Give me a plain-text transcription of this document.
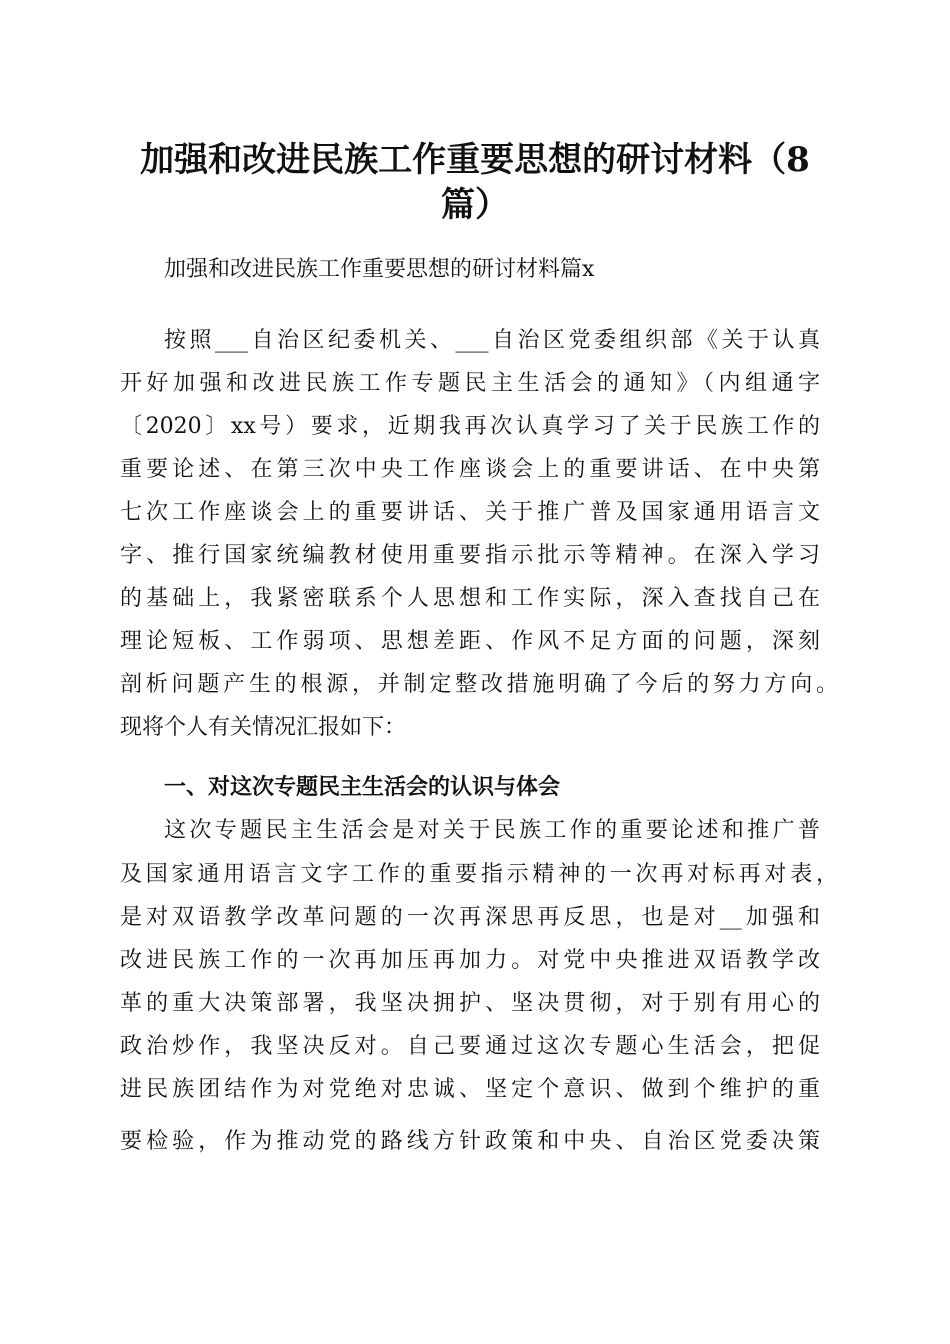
加强和改进民族工作重要思想的研讨材料（8
篇）
加强和改进民族工作重要思想的研讨材料篇x
按照___自治区纪委机关、___自治区党委组织部《关于认真
开好加强和改进民族工作专题民主生活会的通知》（内组通字
〔2020〕xx号）要求，近期我再次认真学习了关于民族工作的
重要论述、在第三次中央工作座谈会上的重要讲话、在中央第
七次工作座谈会上的重要讲话、关于推广普及国家通用语言文
字、推行国家统编教材使用重要指示批示等精神。在深入学习
的基础上，我紧密联系个人思想和工作实际，深入查找自己在
理论短板、工作弱项、思想差距、作风不足方面的问题，深刻
剖析问题产生的根源，并制定整改措施明确了今后的努力方向。
现将个人有关情况汇报如下：
一、对这次专题民主生活会的认识与体会
这次专题民主生活会是对关于民族工作的重要论述和推广普
及国家通用语言文字工作的重要指示精神的一次再对标再对表，
是对双语教学改革问题的一次再深思再反思，也是对__加强和
改进民族工作的一次再加压再加力。对党中央推进双语教学改
革的重大决策部署，我坚决拥护、坚决贯彻，对于别有用心的
政治炒作，我坚决反对。自己要通过这次专题心生活会，把促
进民族团结作为对党绝对忠诚、坚定个意识、做到个维护的重
要检验，作为推动党的路线方针政策和中央、自治区党委决策
